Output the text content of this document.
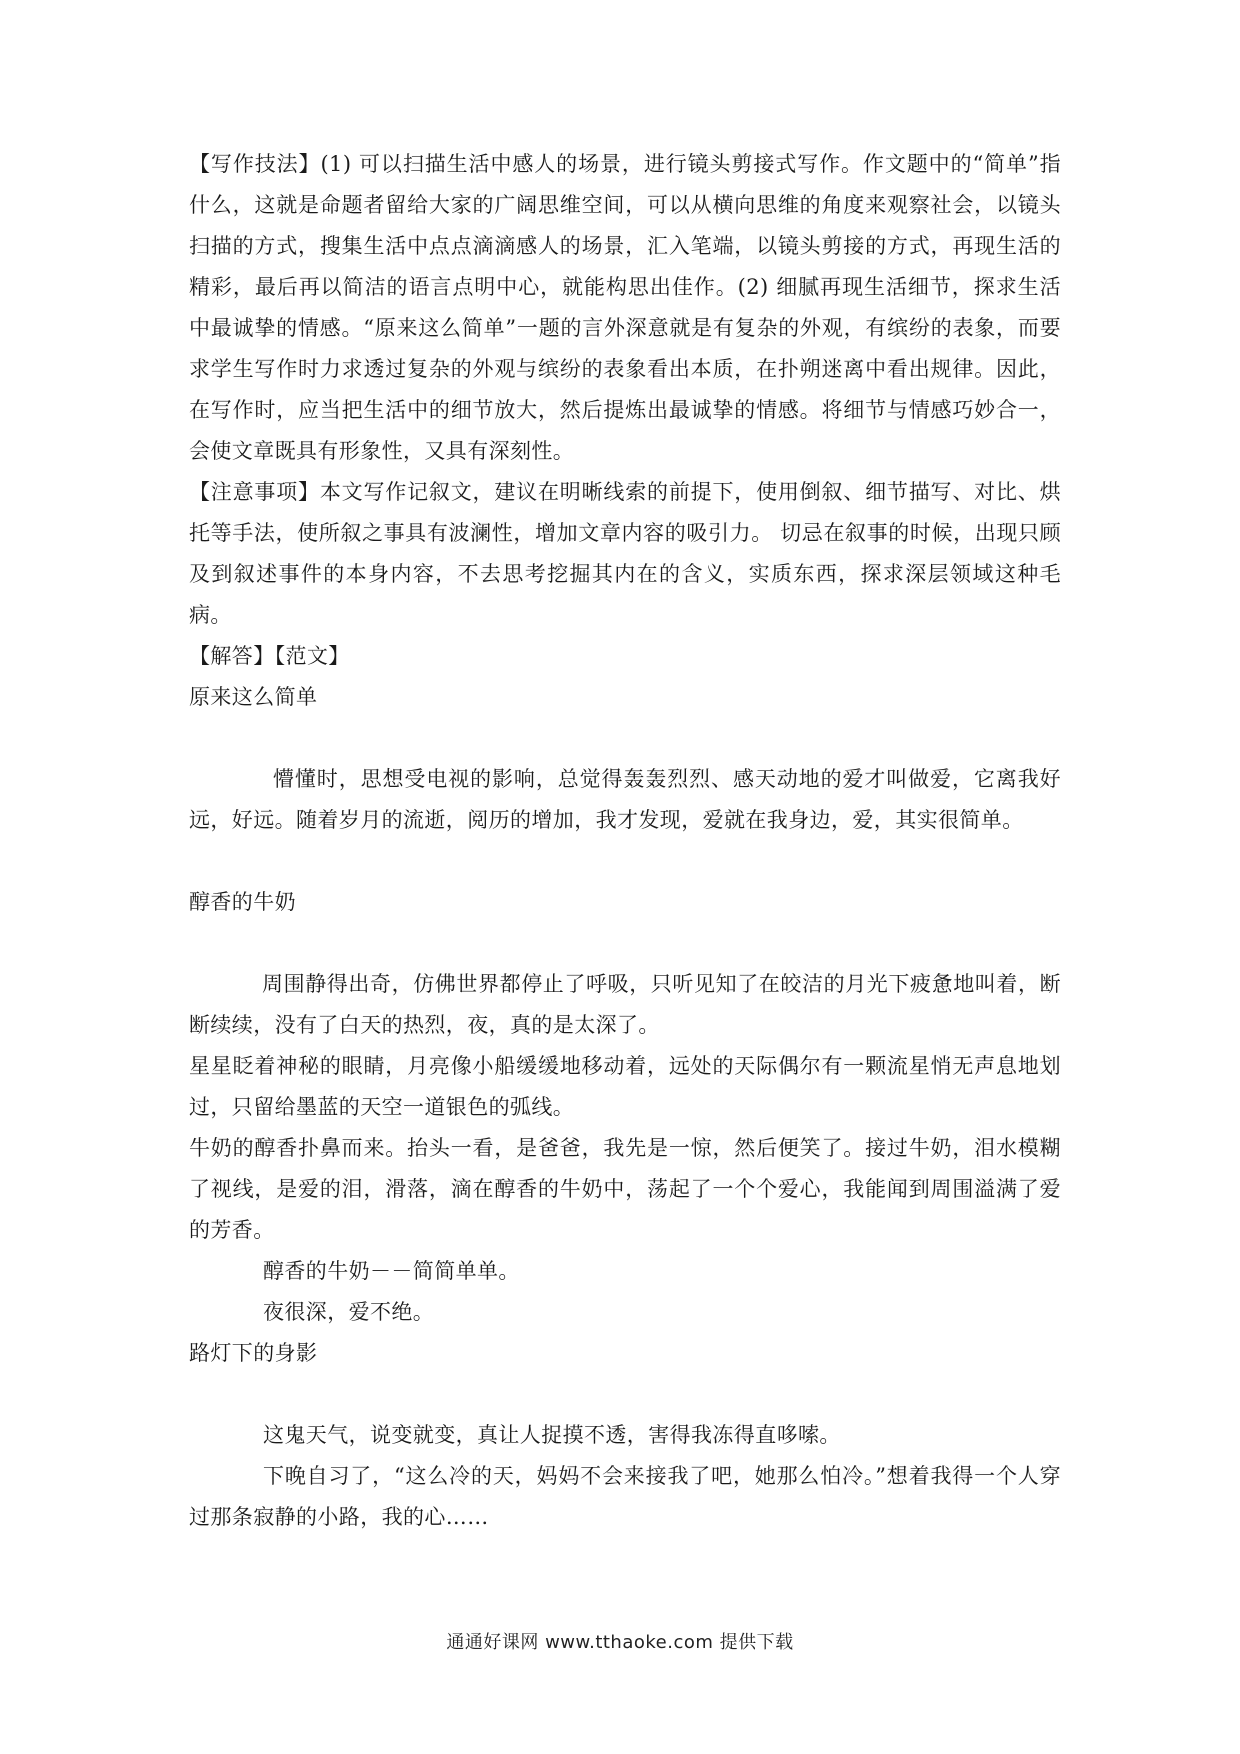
【写作技法】(1) 可以扫描生活中感人的场景，进行镜头剪接式写作。作文题中的“简单”指什么，这就是命题者留给大家的广阔思维空间，可以从横向思维的角度来观察社会，以镜头扫描的方式，搜集生活中点点滴滴感人的场景，汇入笔端，以镜头剪接的方式，再现生活的精彩，最后再以简洁的语言点明中心，就能构思出佳作。(2) 细腻再现生活细节，探求生活中最诚挚的情感。“原来这么简单”一题的言外深意就是有复杂的外观，有缤纷的表象，而要求学生写作时力求透过复杂的外观与缤纷的表象看出本质，在扑朔迷离中看出规律。因此，在写作时，应当把生活中的细节放大，然后提炼出最诚挚的情感。将细节与情感巧妙合一，会使文章既具有形象性，又具有深刻性。

【注意事项】本文写作记叙文，建议在明晰线索的前提下，使用倒叙、细节描写、对比、烘托等手法，使所叙之事具有波澜性，增加文章内容的吸引力。 切忌在叙事的时候，出现只顾及到叙述事件的本身内容，不去思考挖掘其内在的含义，实质东西，探求深层领域这种毛病。

【解答】【范文】

原来这么简单

懵懂时，思想受电视的影响，总觉得轰轰烈烈、感天动地的爱才叫做爱，它离我好远，好远。随着岁月的流逝，阅历的增加，我才发现，爱就在我身边，爱，其实很简单。

醇香的牛奶

周围静得出奇，仿佛世界都停止了呼吸，只听见知了在皎洁的月光下疲惫地叫着，断断续续，没有了白天的热烈，夜，真的是太深了。

星星眨着神秘的眼睛，月亮像小船缓缓地移动着，远处的天际偶尔有一颗流星悄无声息地划过，只留给墨蓝的天空一道银色的弧线。

牛奶的醇香扑鼻而来。抬头一看，是爸爸，我先是一惊，然后便笑了。接过牛奶，泪水模糊了视线，是爱的泪，滑落，滴在醇香的牛奶中，荡起了一个个爱心，我能闻到周围溢满了爱的芳香。

醇香的牛奶－－简简单单。

夜很深，爱不绝。

路灯下的身影

这鬼天气，说变就变，真让人捉摸不透，害得我冻得直哆嗦。

下晚自习了，“这么冷的天，妈妈不会来接我了吧，她那么怕冷。”想着我得一个人穿过那条寂静的小路，我的心……

通通好课网 www.tthaoke.com 提供下载
